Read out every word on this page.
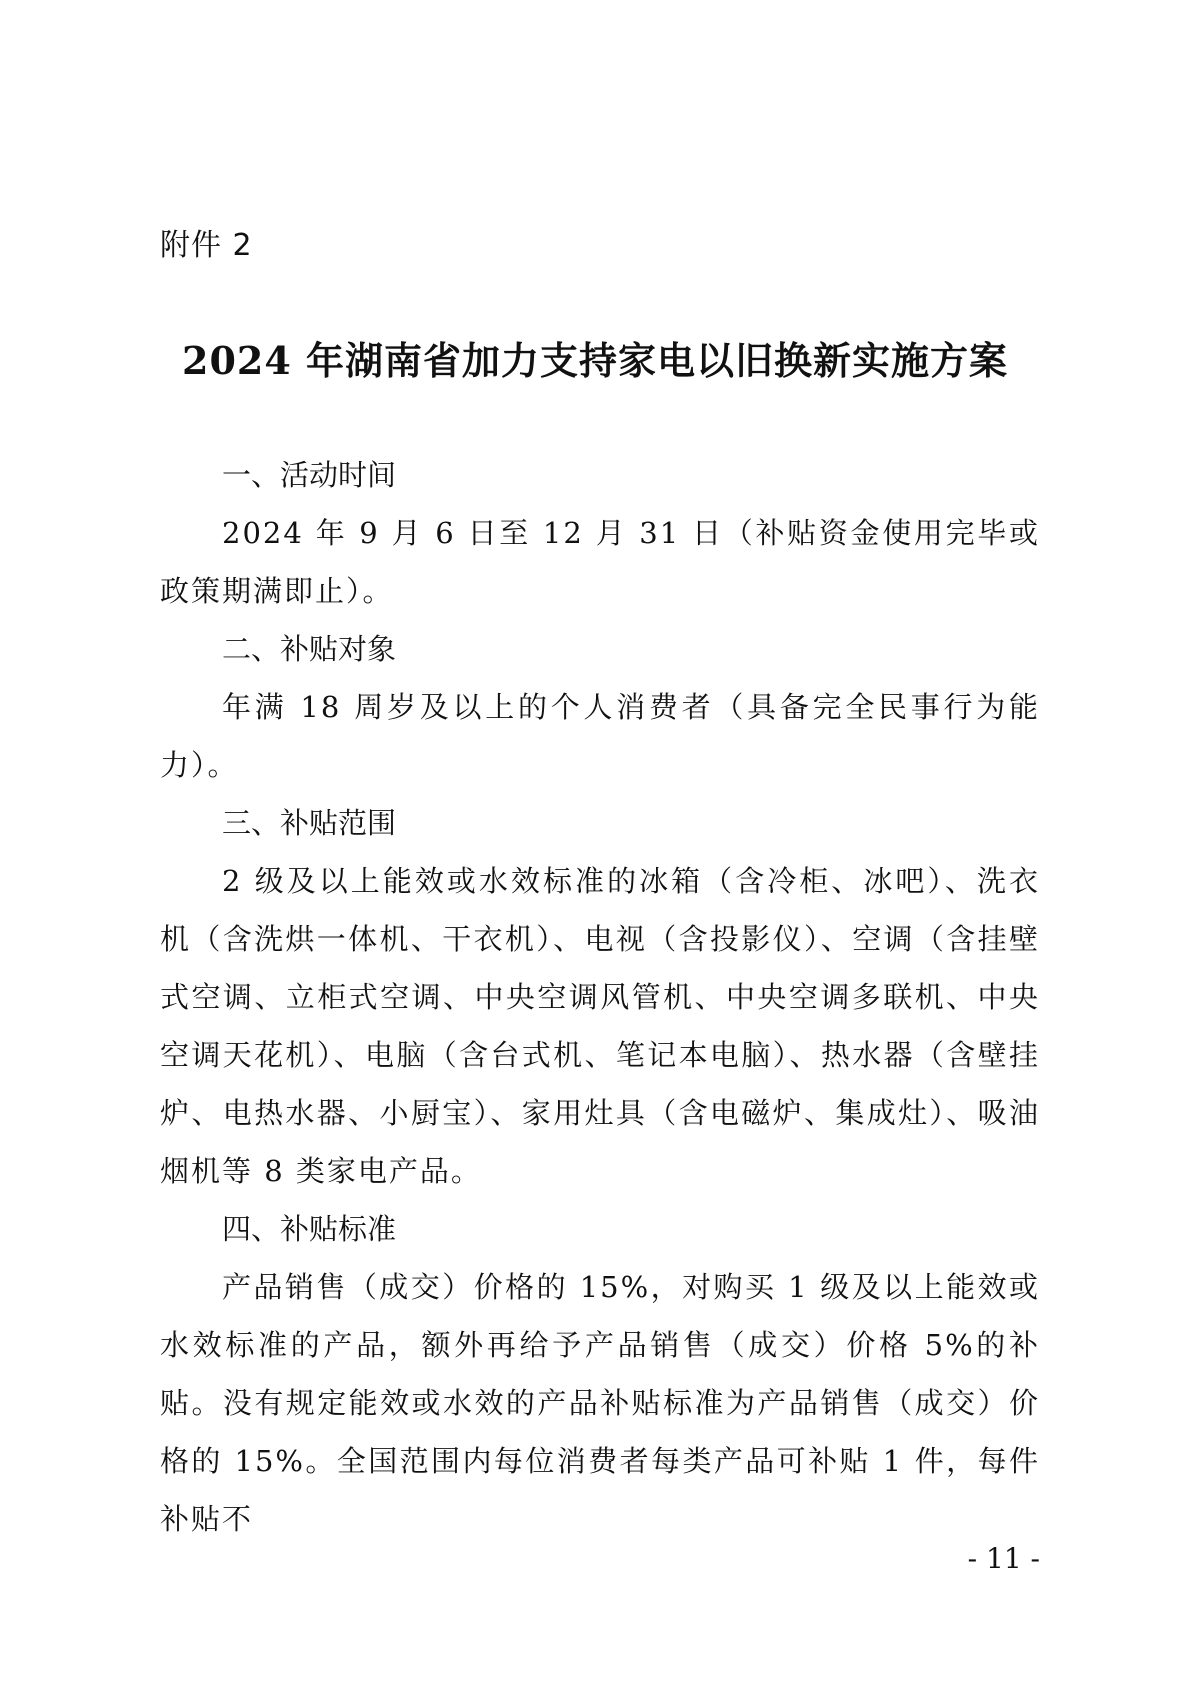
附件 2
2024 年湖南省加力支持家电以旧换新实施方案

一、活动时间

2024 年 9 月 6 日至 12 月 31 日（补贴资金使用完毕或政策期满即止）。

二、补贴对象

年满 18 周岁及以上的个人消费者（具备完全民事行为能力）。

三、补贴范围

2 级及以上能效或水效标准的冰箱（含冷柜、冰吧）、洗衣机（含洗烘一体机、干衣机）、电视（含投影仪）、空调（含挂壁式空调、立柜式空调、中央空调风管机、中央空调多联机、中央空调天花机）、电脑（含台式机、笔记本电脑）、热水器（含壁挂炉、电热水器、小厨宝）、家用灶具（含电磁炉、集成灶）、吸油烟机等 8 类家电产品。

四、补贴标准

产品销售（成交）价格的 15%，对购买 1 级及以上能效或水效标准的产品，额外再给予产品销售（成交）价格 5%的补贴。没有规定能效或水效的产品补贴标准为产品销售（成交）价格的 15%。全国范围内每位消费者每类产品可补贴 1 件，每件补贴不

- 11 -
